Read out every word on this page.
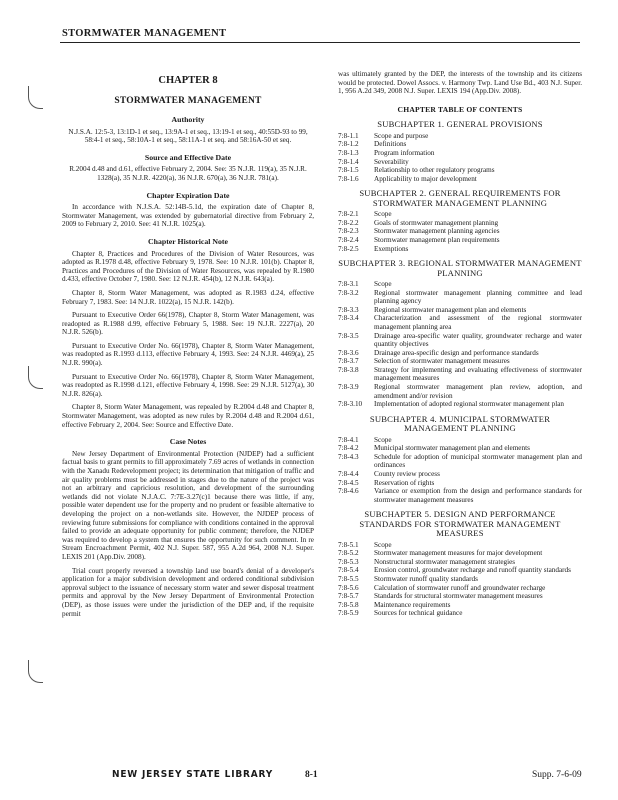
STORMWATER MANAGEMENT
CHAPTER 8
STORMWATER MANAGEMENT
Authority
N.J.S.A. 12:5-3, 13:1D-1 et seq., 13:9A-1 et seq., 13:19-1 et seq., 40:55D-93 to 99, 58:4-1 et seq., 58:10A-1 et seq., 58:11A-1 et seq. and 58:16A-50 et seq.
Source and Effective Date
R.2004 d.48 and d.61, effective February 2, 2004. See: 35 N.J.R. 119(a), 35 N.J.R. 1328(a), 35 N.J.R. 4220(a), 36 N.J.R. 670(a), 36 N.J.R. 781(a).
Chapter Expiration Date

In accordance with N.J.S.A. 52:14B-5.1d, the expiration date of Chapter 8, Stormwater Management, was extended by gubernatorial directive from February 2, 2009 to February 2, 2010. See: 41 N.J.R. 1025(a).

Chapter Historical Note

Chapter 8, Practices and Procedures of the Division of Water Resources, was adopted as R.1978 d.48, effective February 9, 1978. See: 10 N.J.R. 101(b). Chapter 8, Practices and Procedures of the Division of Water Resources, was repealed by R.1980 d.433, effective October 7, 1980. See: 12 N.J.R. 454(b), 12 N.J.R. 643(a).

Chapter 8, Storm Water Management, was adopted as R.1983 d.24, effective February 7, 1983. See: 14 N.J.R. 1022(a), 15 N.J.R. 142(b).

Pursuant to Executive Order 66(1978), Chapter 8, Storm Water Management, was readopted as R.1988 d.99, effective February 5, 1988. See: 19 N.J.R. 2227(a), 20 N.J.R. 526(b).

Pursuant to Executive Order No. 66(1978), Chapter 8, Storm Water Management, was readopted as R.1993 d.113, effective February 4, 1993. See: 24 N.J.R. 4469(a), 25 N.J.R. 990(a).

Pursuant to Executive Order No. 66(1978), Chapter 8, Storm Water Management, was readopted as R.1998 d.121, effective February 4, 1998. See: 29 N.J.R. 5127(a), 30 N.J.R. 826(a).

Chapter 8, Storm Water Management, was repealed by R.2004 d.48 and Chapter 8, Stormwater Management, was adopted as new rules by R.2004 d.48 and R.2004 d.61, effective February 2, 2004. See: Source and Effective Date.

Case Notes

New Jersey Department of Environmental Protection (NJDEP) had a sufficient factual basis to grant permits to fill approximately 7.69 acres of wetlands in connection with the Xanadu Redevelopment project; its determination that mitigation of traffic and air quality problems must be addressed in stages due to the nature of the project was not an arbitrary and capricious resolution, and development of the surrounding wetlands did not violate N.J.A.C. 7:7E-3.27(c)1 because there was little, if any, possible water dependent use for the property and no prudent or feasible alternative to developing the project on a non-wetlands site. However, the NJDEP process of reviewing future submissions for compliance with conditions contained in the approval failed to provide an adequate opportunity for public comment; therefore, the NJDEP was required to develop a system that ensures the opportunity for such comment. In re Stream Encroachment Permit, 402 N.J. Super. 587, 955 A.2d 964, 2008 N.J. Super. LEXIS 201 (App.Div. 2008).

Trial court properly reversed a township land use board's denial of a developer's application for a major subdivision development and ordered conditional subdivision approval subject to the issuance of necessary storm water and sewer disposal treatment permits and approval by the New Jersey Department of Environmental Protection (DEP), as those issues were under the jurisdiction of the DEP and, if the requisite permit

was ultimately granted by the DEP, the interests of the township and its citizens would be protected. Dowel Assocs. v. Harmony Twp. Land Use Bd., 403 N.J. Super. 1, 956 A.2d 349, 2008 N.J. Super. LEXIS 194 (App.Div. 2008).

CHAPTER TABLE OF CONTENTS
SUBCHAPTER 1. GENERAL PROVISIONS
7:8-1.1	Scope and purpose
7:8-1.2	Definitions
7:8-1.3	Program information
7:8-1.4	Severability
7:8-1.5	Relationship to other regulatory programs
7:8-1.6	Applicability to major development
SUBCHAPTER 2. GENERAL REQUIREMENTS FOR STORMWATER MANAGEMENT PLANNING
7:8-2.1	Scope
7:8-2.2	Goals of stormwater management planning
7:8-2.3	Stormwater management planning agencies
7:8-2.4	Stormwater management plan requirements
7:8-2.5	Exemptions
SUBCHAPTER 3. REGIONAL STORMWATER MANAGEMENT PLANNING
7:8-3.1	Scope
7:8-3.2	Regional stormwater management planning committee and lead planning agency
7:8-3.3	Regional stormwater management plan and elements
7:8-3.4	Characterization and assessment of the regional stormwater management planning area
7:8-3.5	Drainage area-specific water quality, groundwater recharge and water quantity objectives
7:8-3.6	Drainage area-specific design and performance standards
7:8-3.7	Selection of stormwater management measures
7:8-3.8	Strategy for implementing and evaluating effectiveness of stormwater management measures
7:8-3.9	Regional stormwater management plan review, adoption, and amendment and/or revision
7:8-3.10	Implementation of adopted regional stormwater management plan
SUBCHAPTER 4. MUNICIPAL STORMWATER MANAGEMENT PLANNING
7:8-4.1	Scope
7:8-4.2	Municipal stormwater management plan and elements
7:8-4.3	Schedule for adoption of municipal stormwater management plan and ordinances
7:8-4.4	County review process
7:8-4.5	Reservation of rights
7:8-4.6	Variance or exemption from the design and performance standards for stormwater management measures
SUBCHAPTER 5. DESIGN AND PERFORMANCE STANDARDS FOR STORMWATER MANAGEMENT MEASURES
7:8-5.1	Scope
7:8-5.2	Stormwater management measures for major development
7:8-5.3	Nonstructural stormwater management strategies
7:8-5.4	Erosion control, groundwater recharge and runoff quantity standards
7:8-5.5	Stormwater runoff quality standards
7:8-5.6	Calculation of stormwater runoff and groundwater recharge
7:8-5.7	Standards for structural stormwater management measures
7:8-5.8	Maintenance requirements
7:8-5.9	Sources for technical guidance
NEW JERSEY STATE LIBRARY	8-1	Supp. 7-6-09
